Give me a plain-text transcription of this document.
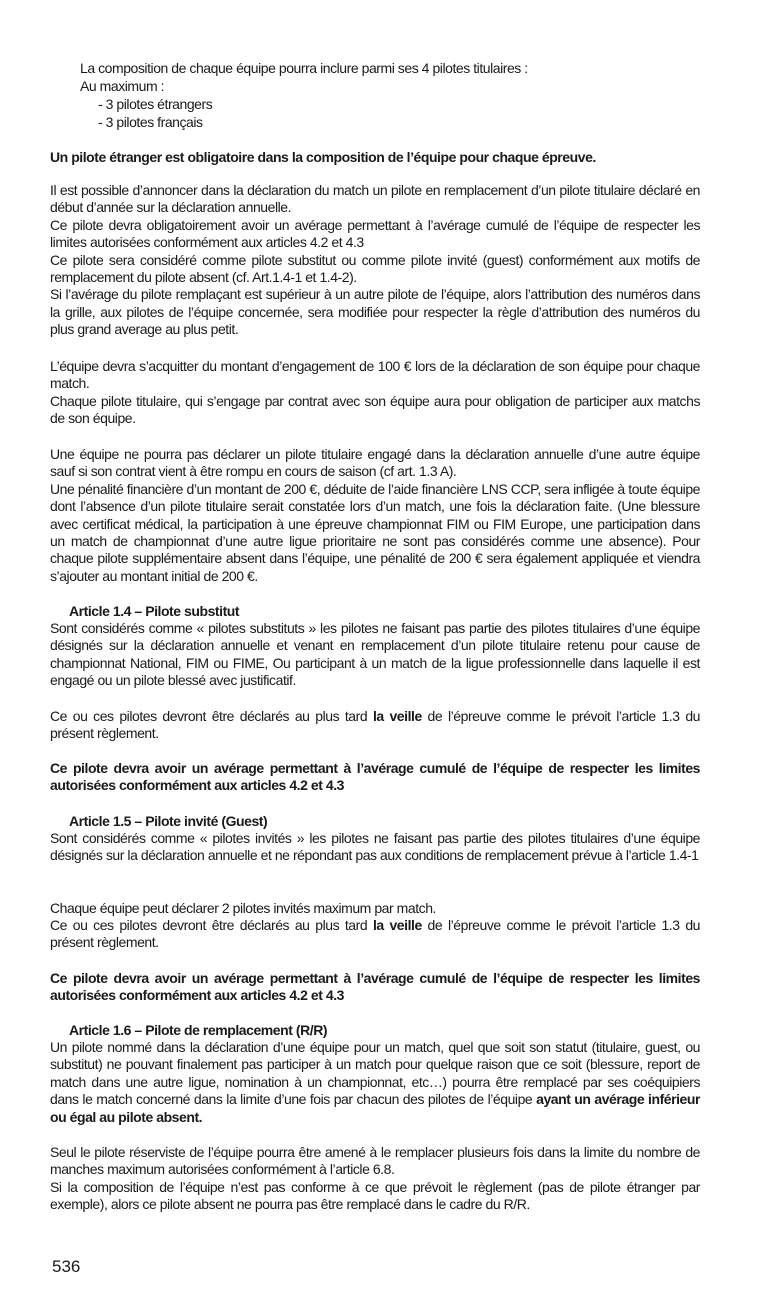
La composition de chaque équipe pourra inclure parmi ses 4 pilotes titulaires :
Au maximum :
- 3 pilotes étrangers
- 3 pilotes français
Un pilote étranger est obligatoire dans la composition de l’équipe pour chaque épreuve.
Il est possible d’annoncer dans la déclaration du match un pilote en remplacement d’un pilote titulaire déclaré en début d’année sur la déclaration annuelle.
Ce pilote devra obligatoirement avoir un avérage permettant à l’avérage cumulé de l’équipe de respecter les limites autorisées conformément aux articles 4.2 et 4.3
Ce pilote sera considéré comme pilote substitut ou comme pilote invité (guest) conformément aux motifs de remplacement du pilote absent (cf. Art.1.4-1 et 1.4-2).
Si l’avérage du pilote remplaçant est supérieur à un autre pilote de l’équipe, alors l’attribution des numéros dans la grille, aux pilotes de l’équipe concernée, sera modifiée pour respecter la règle d’attribution des numéros du plus grand average au plus petit.
L’équipe devra s’acquitter du montant d’engagement de 100 € lors de la déclaration de son équipe pour chaque match.
Chaque pilote titulaire, qui s’engage par contrat avec son équipe aura pour obligation de participer aux matchs de son équipe.
Une équipe ne pourra pas déclarer un pilote titulaire engagé dans la déclaration annuelle d’une autre équipe sauf si son contrat vient à être rompu en cours de saison (cf art. 1.3 A).
Une pénalité financière d’un montant de 200 €, déduite de l’aide financière LNS CCP, sera infligée à toute équipe dont l’absence d’un pilote titulaire serait constatée lors d’un match, une fois la déclaration faite. (Une blessure avec certificat médical, la participation à une épreuve championnat FIM ou FIM Europe, une participation dans un match de championnat d’une autre ligue prioritaire ne sont pas considérés comme une absence). Pour chaque pilote supplémentaire absent dans l’équipe, une pénalité de 200 € sera également appliquée et viendra s’ajouter au montant initial de 200 €.
Article 1.4 – Pilote substitut
Sont considérés comme « pilotes substituts » les pilotes ne faisant pas partie des pilotes titulaires d’une équipe désignés sur la déclaration annuelle et venant en remplacement d’un pilote titulaire retenu pour cause de championnat National, FIM ou FIME, Ou participant à un match de la ligue professionnelle dans laquelle il est engagé ou un pilote blessé avec justificatif.
Ce ou ces pilotes devront être déclarés au plus tard la veille de l’épreuve comme le prévoit l’article 1.3 du présent règlement.
Ce pilote devra avoir un avérage permettant à l’avérage cumulé de l’équipe de respecter les limites autorisées conformément aux articles 4.2 et 4.3
Article 1.5 – Pilote invité (Guest)
Sont considérés comme « pilotes invités » les pilotes ne faisant pas partie des pilotes titulaires d’une équipe désignés sur la déclaration annuelle et ne répondant pas aux conditions de remplacement prévue à l’article 1.4-1
Chaque équipe peut déclarer 2 pilotes invités maximum par match.
Ce ou ces pilotes devront être déclarés au plus tard la veille de l’épreuve comme le prévoit l’article 1.3 du présent règlement.
Ce pilote devra avoir un avérage permettant à l’avérage cumulé de l’équipe de respecter les limites autorisées conformément aux articles 4.2 et 4.3
Article 1.6 – Pilote de remplacement (R/R)
Un pilote nommé dans la déclaration d’une équipe pour un match, quel que soit son statut (titulaire, guest, ou substitut) ne pouvant finalement pas participer à un match pour quelque raison que ce soit (blessure, report de match dans une autre ligue, nomination à un championnat, etc…) pourra être remplacé par ses coéquipiers dans le match concerné dans la limite d’une fois par chacun des pilotes de l’équipe ayant un avérage inférieur ou égal au pilote absent.
Seul le pilote réserviste de l’équipe pourra être amené à le remplacer plusieurs fois dans la limite du nombre de manches maximum autorisées conformément à l’article 6.8.
Si la composition de l’équipe n’est pas conforme à ce que prévoit le règlement (pas de pilote étranger par exemple), alors ce pilote absent ne pourra pas être remplacé dans le cadre du R/R.
536
